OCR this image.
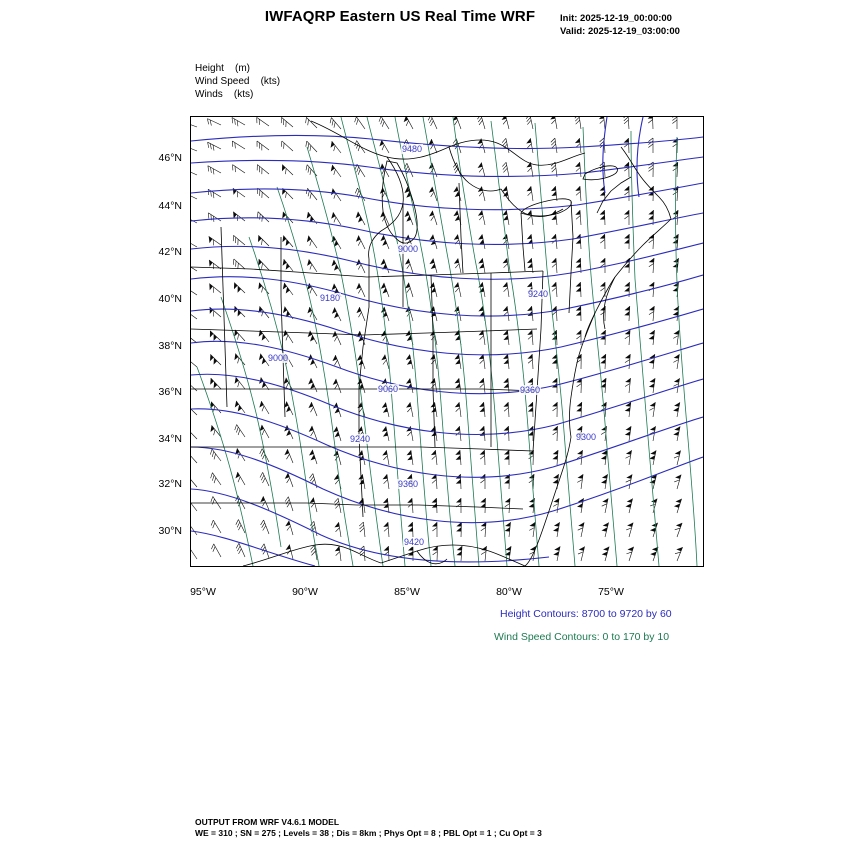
IWFAQRP Eastern US Real Time WRF	Init: 2025-12-19_00:00:00
Valid: 2025-12-19_03:00:00
Height    (m)
Wind Speed    (kts)
Winds    (kts)
46°N
44°N
42°N
40°N
38°N
36°N
34°N
32°N
30°N
95°W	90°W	85°W	80°W	75°W
9480
9000
9240
9180
9000
9060	9360
9240	9300
9360
9420
Height Contours: 8700 to 9720 by 60
Wind Speed Contours: 0 to 170 by 10
OUTPUT FROM WRF V4.6.1 MODEL
WE = 310 ; SN = 275 ; Levels = 38 ; Dis = 8km ; Phys Opt = 8 ; PBL Opt = 1 ; Cu Opt = 3
